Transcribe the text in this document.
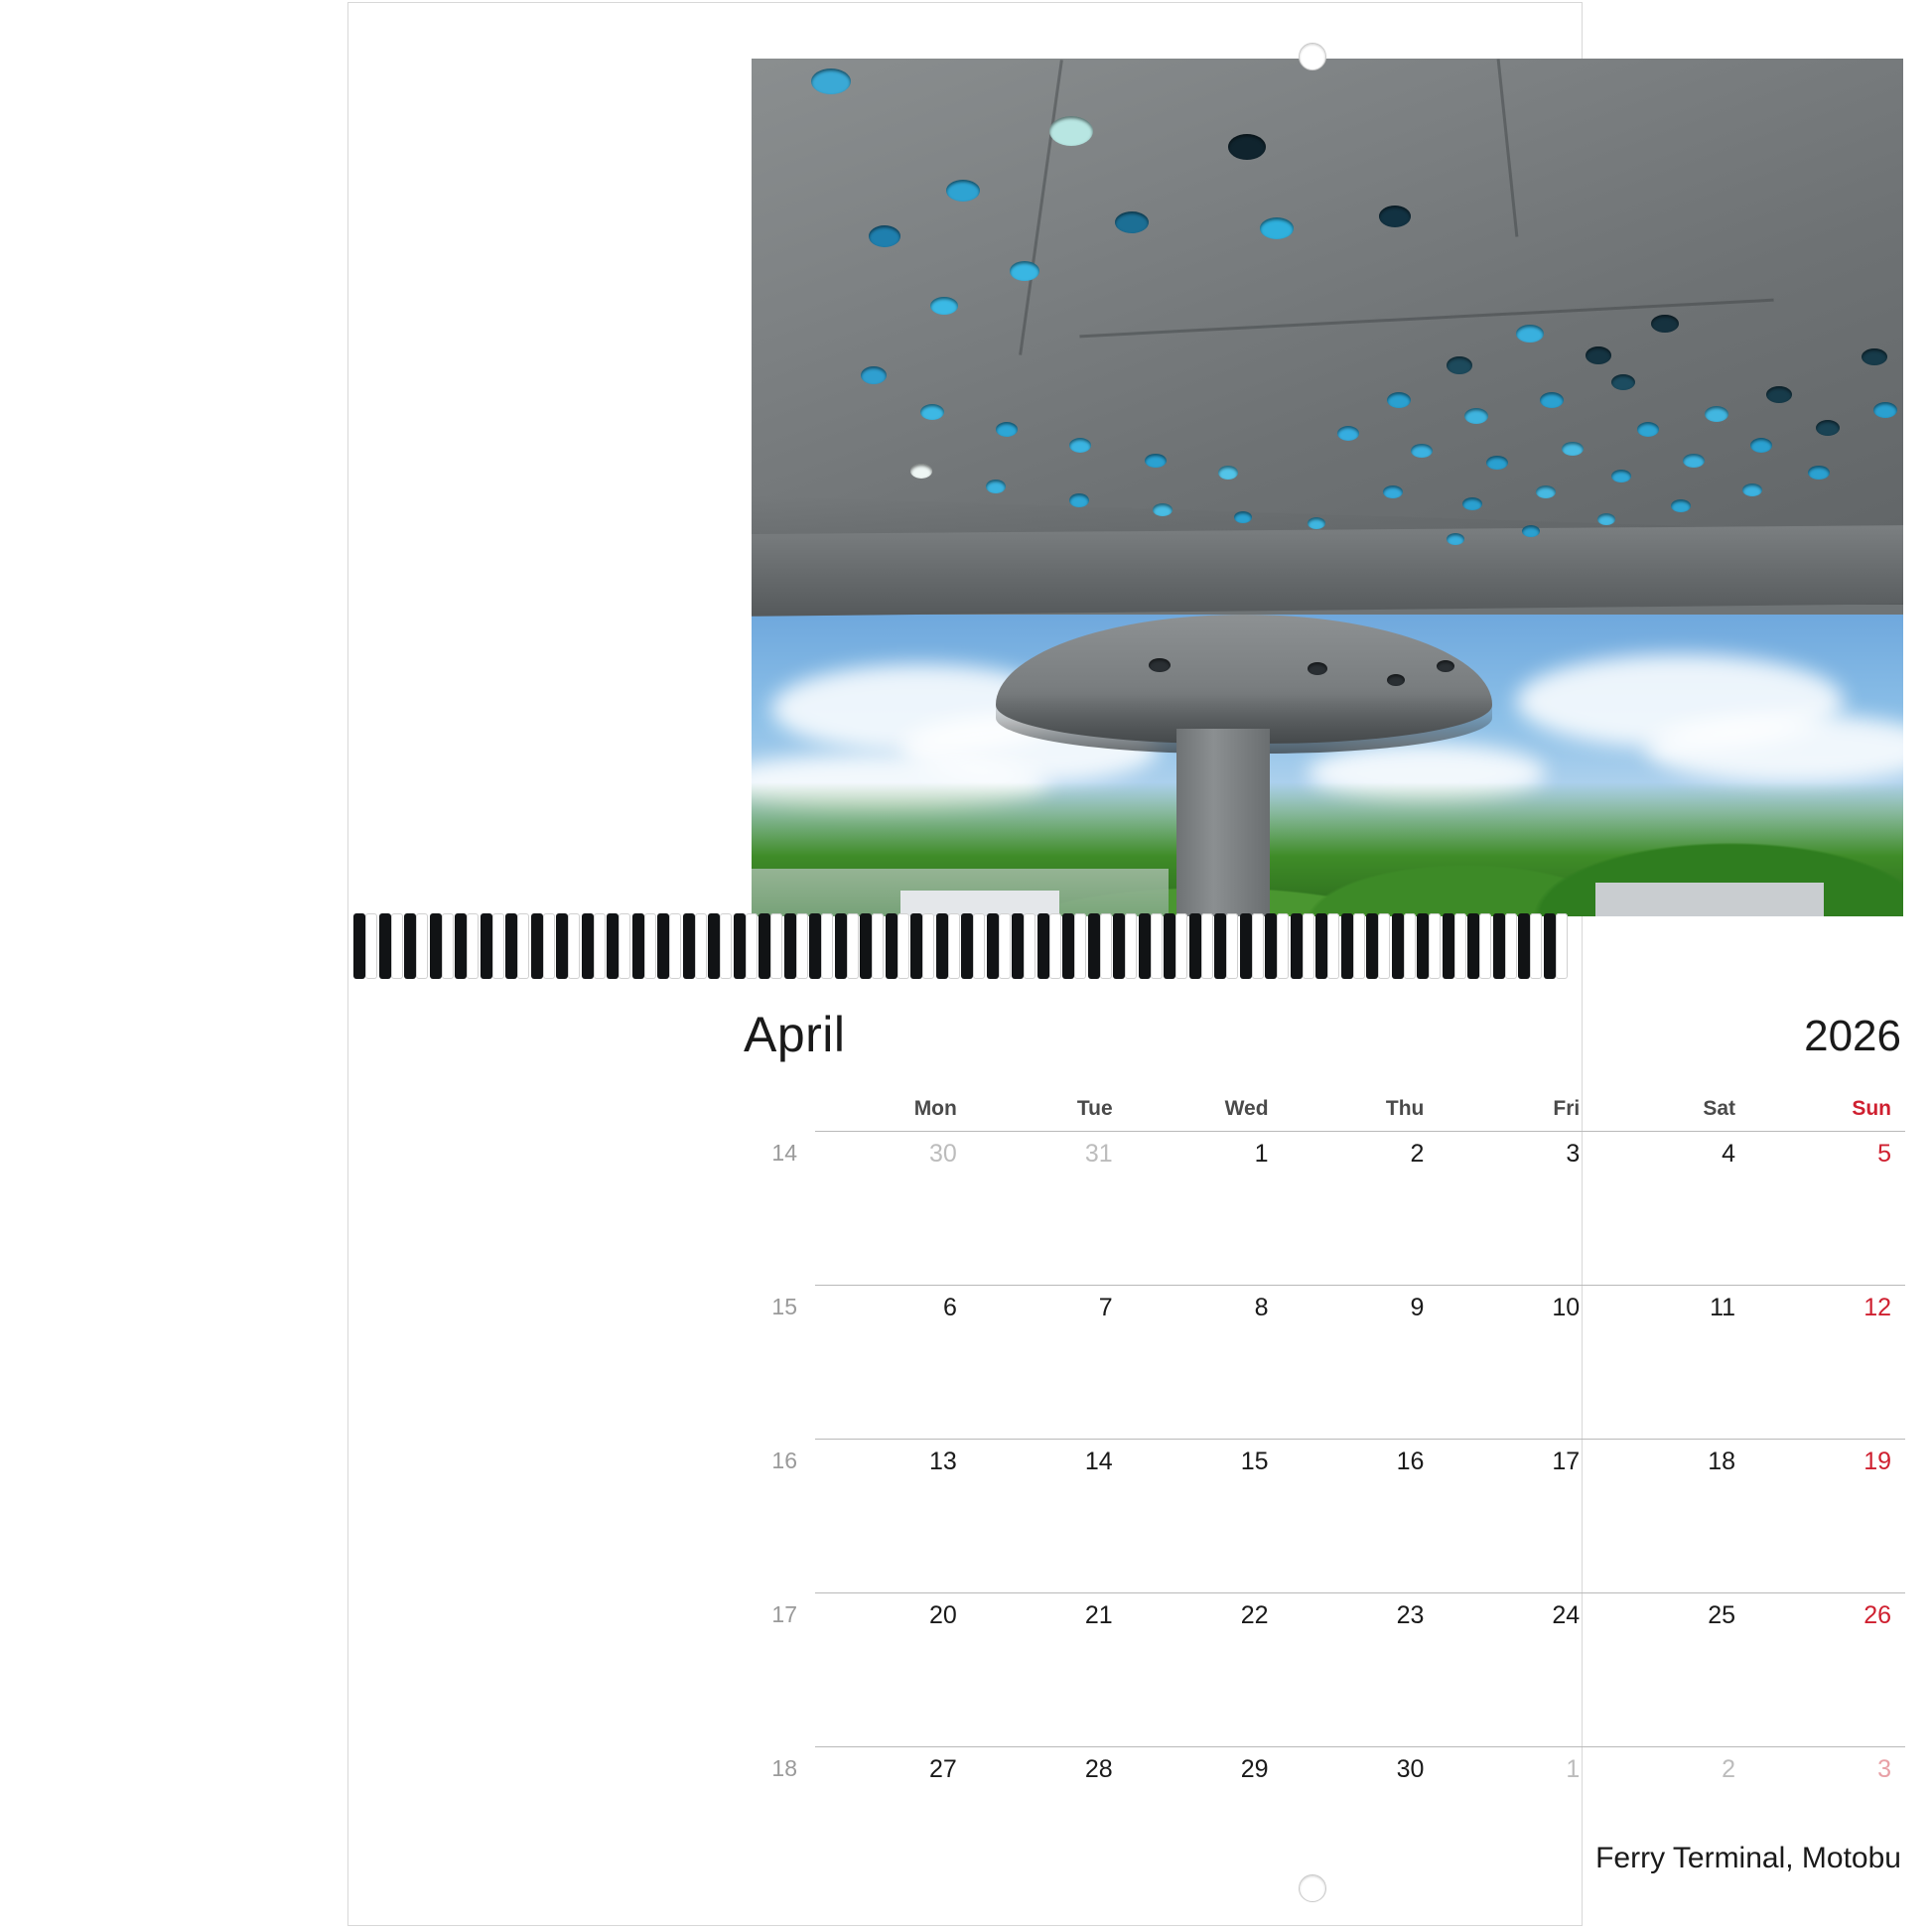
April	2026
	Mon	Tue	Wed	Thu	Fri	Sat	Sun
14	30	31	1	2	3	4	5
15	6	7	8	9	10	11	12
16	13	14	15	16	17	18	19
17	20	21	22	23	24	25	26
18	27	28	29	30	1	2	3
Ferry Terminal, Motobu
